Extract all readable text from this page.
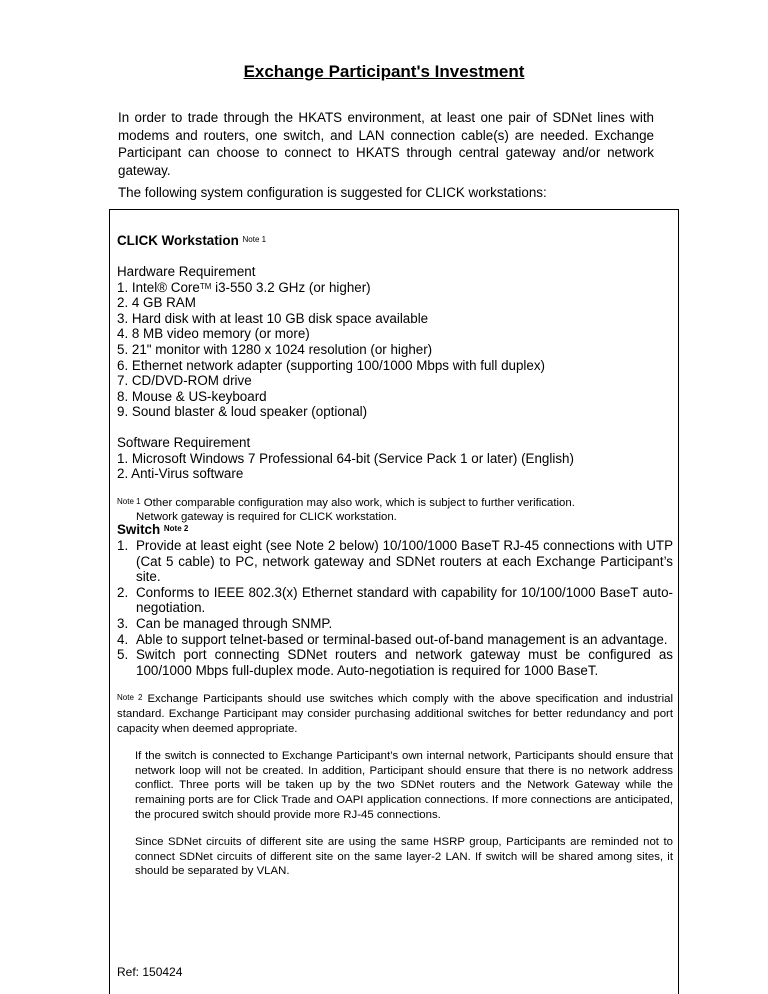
Exchange Participant's Investment
In order to trade through the HKATS environment, at least one pair of SDNet lines with modems and routers, one switch, and LAN connection cable(s) are needed. Exchange Participant can choose to connect to HKATS through central gateway and/or network gateway.
The following system configuration is suggested for CLICK workstations:
CLICK Workstation $^{Note 1}$
Hardware Requirement
1. Intel® Core™ i3-550 3.2 GHz (or higher)
2. 4 GB RAM
3. Hard disk with at least 10 GB disk space available
4. 8 MB video memory (or more)
5. 21" monitor with 1280 x 1024 resolution (or higher)
6. Ethernet network adapter (supporting 100/1000 Mbps with full duplex)
7. CD/DVD-ROM drive
8. Mouse & US-keyboard
9. Sound blaster & loud speaker (optional)
Software Requirement
1. Microsoft Windows 7 Professional 64-bit (Service Pack 1 or later) (English)
2. Anti-Virus software
$^{Note 1}$ Other comparable configuration may also work, which is subject to further verification.
Network gateway is required for CLICK workstation.
Switch $^{Note 2}$
1. Provide at least eight (see Note 2 below) 10/100/1000 BaseT RJ-45 connections with UTP (Cat 5 cable) to PC, network gateway and SDNet routers at each Exchange Participant’s site.
2. Conforms to IEEE 802.3(x) Ethernet standard with capability for 10/100/1000 BaseT auto-negotiation.
3. Can be managed through SNMP.
4. Able to support telnet-based or terminal-based out-of-band management is an advantage.
5. Switch port connecting SDNet routers and network gateway must be configured as 100/1000 Mbps full-duplex mode. Auto-negotiation is required for 1000 BaseT.
$^{Note 2}$ Exchange Participants should use switches which comply with the above specification and industrial standard. Exchange Participant may consider purchasing additional switches for better redundancy and port capacity when deemed appropriate.
If the switch is connected to Exchange Participant’s own internal network, Participants should ensure that network loop will not be created. In addition, Participant should ensure that there is no network address conflict. Three ports will be taken up by the two SDNet routers and the Network Gateway while the remaining ports are for Click Trade and OAPI application connections. If more connections are anticipated, the procured switch should provide more RJ-45 connections.
Since SDNet circuits of different site are using the same HSRP group, Participants are reminded not to connect SDNet circuits of different site on the same layer-2 LAN. If switch will be shared among sites, it should be separated by VLAN.
Ref: 150424
